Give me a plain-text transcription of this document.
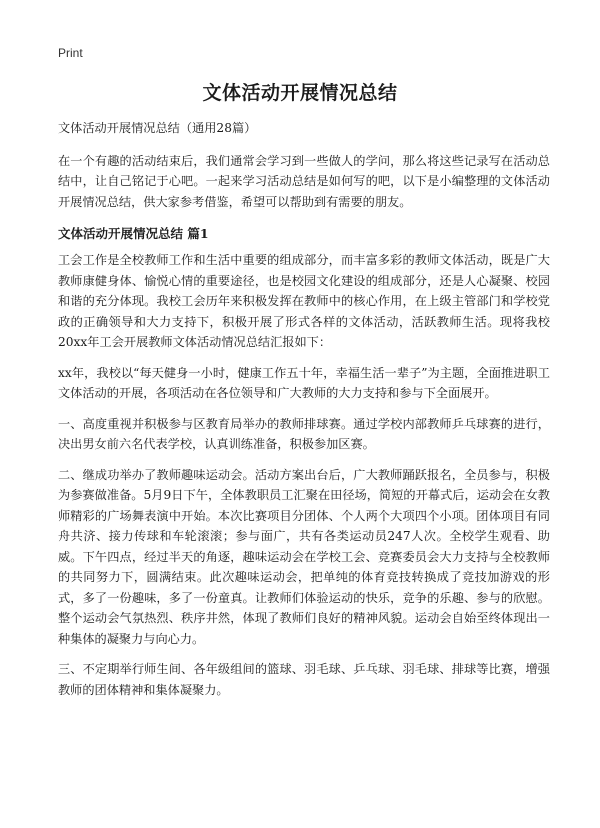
Print
文体活动开展情况总结

文体活动开展情况总结（通用28篇）

在一个有趣的活动结束后，我们通常会学习到一些做人的学问，那么将这些记录写在活动总结中，让自己铭记于心吧。一起来学习活动总结是如何写的吧，以下是小编整理的文体活动开展情况总结，供大家参考借鉴，希望可以帮助到有需要的朋友。

文体活动开展情况总结 篇1

工会工作是全校教师工作和生活中重要的组成部分，而丰富多彩的教师文体活动，既是广大教师康健身体、愉悦心情的重要途径，也是校园文化建设的组成部分，还是人心凝聚、校园和谐的充分体现。我校工会历年来积极发挥在教师中的核心作用，在上级主管部门和学校党政的正确领导和大力支持下，积极开展了形式各样的文体活动，活跃教师生活。现将我校20xx年工会开展教师文体活动情况总结汇报如下：

xx年，我校以“每天健身一小时，健康工作五十年，幸福生活一辈子”为主题，全面推进职工文体活动的开展，各项活动在各位领导和广大教师的大力支持和参与下全面展开。

一、高度重视并积极参与区教育局举办的教师排球赛。通过学校内部教师乒乓球赛的进行，决出男女前六名代表学校，认真训练准备，积极参加区赛。

二、继成功举办了教师趣味运动会。活动方案出台后，广大教师踊跃报名，全员参与，积极为参赛做准备。5月9日下午，全体教职员工汇聚在田径场，简短的开幕式后，运动会在女教师精彩的广场舞表演中开始。本次比赛项目分团体、个人两个大项四个小项。团体项目有同舟共济、接力传球和车轮滚滚；参与面广，共有各类运动员247人次。全校学生观看、助威。下午四点，经过半天的角逐，趣味运动会在学校工会、竞赛委员会大力支持与全校教师的共同努力下，圆满结束。此次趣味运动会，把单纯的体育竞技转换成了竞技加游戏的形式，多了一份趣味，多了一份童真。让教师们体验运动的快乐，竞争的乐趣、参与的欣慰。整个运动会气氛热烈、秩序井然，体现了教师们良好的精神风貌。运动会自始至终体现出一种集体的凝聚力与向心力。

三、不定期举行师生间、各年级组间的篮球、羽毛球、乒乓球、羽毛球、排球等比赛，增强教师的团体精神和集体凝聚力。
